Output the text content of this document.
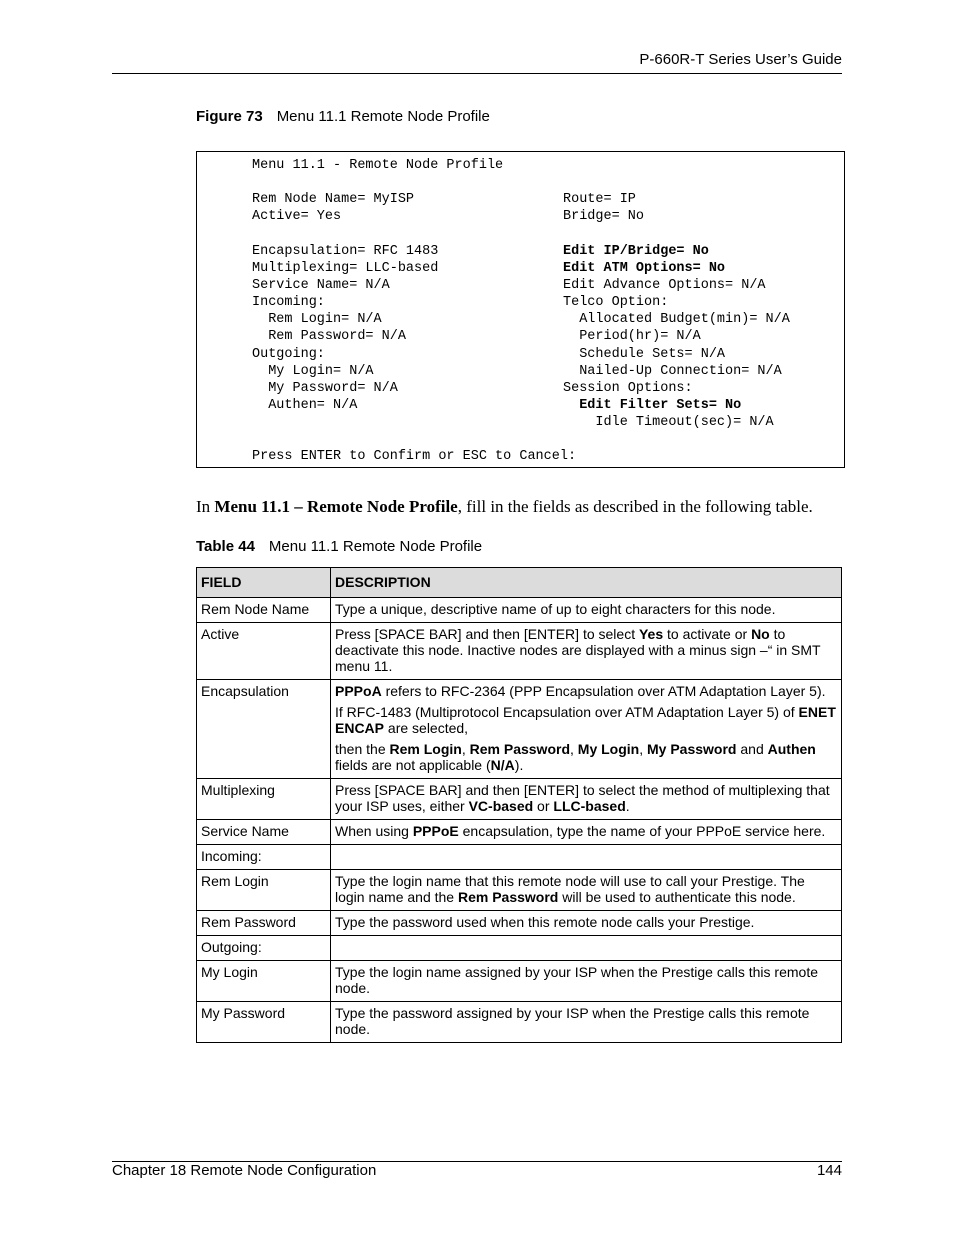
P-660R-T Series User’s Guide
Figure 73 Menu 11.1 Remote Node Profile
Menu 11.1 - Remote Node Profile
Rem Node Name= MyISP
Active= Yes
Encapsulation= RFC 1483
Multiplexing= LLC-based
Service Name= N/A
Incoming:
Rem Login= N/A
Rem Password= N/A
Outgoing:
My Login= N/A
My Password= N/A
Authen= N/A
Route= IP
Bridge= No
Edit IP/Bridge= No
Edit ATM Options= No
Edit Advance Options= N/A
Telco Option:
Allocated Budget(min)= N/A
Period(hr)= N/A
Schedule Sets= N/A
Nailed-Up Connection= N/A
Session Options:
Edit Filter Sets= No
Idle Timeout(sec)= N/A
Press ENTER to Confirm or ESC to Cancel:
In Menu 11.1 – Remote Node Profile, fill in the fields as described in the following table.
Table 44 Menu 11.1 Remote Node Profile
FIELD	DESCRIPTION
Rem Node Name	Type a unique, descriptive name of up to eight characters for this node.
Active	Press [SPACE BAR] and then [ENTER] to select Yes to activate or No to deactivate this node. Inactive nodes are displayed with a minus sign –“ in SMT menu 11.
Encapsulation	PPPoA refers to RFC-2364 (PPP Encapsulation over ATM Adaptation Layer 5).

If RFC-1483 (Multiprotocol Encapsulation over ATM Adaptation Layer 5) of ENET ENCAP are selected,

then the Rem Login, Rem Password, My Login, My Password and Authen fields are not applicable (N/A).

Multiplexing	Press [SPACE BAR] and then [ENTER] to select the method of multiplexing that your ISP uses, either VC-based or LLC-based.
Service Name	When using PPPoE encapsulation, type the name of your PPPoE service here.
Incoming:	
Rem Login	Type the login name that this remote node will use to call your Prestige. The login name and the Rem Password will be used to authenticate this node.
Rem Password	Type the password used when this remote node calls your Prestige.
Outgoing:	
My Login	Type the login name assigned by your ISP when the Prestige calls this remote node.
My Password	Type the password assigned by your ISP when the Prestige calls this remote node.
Chapter 18 Remote Node Configuration	144
